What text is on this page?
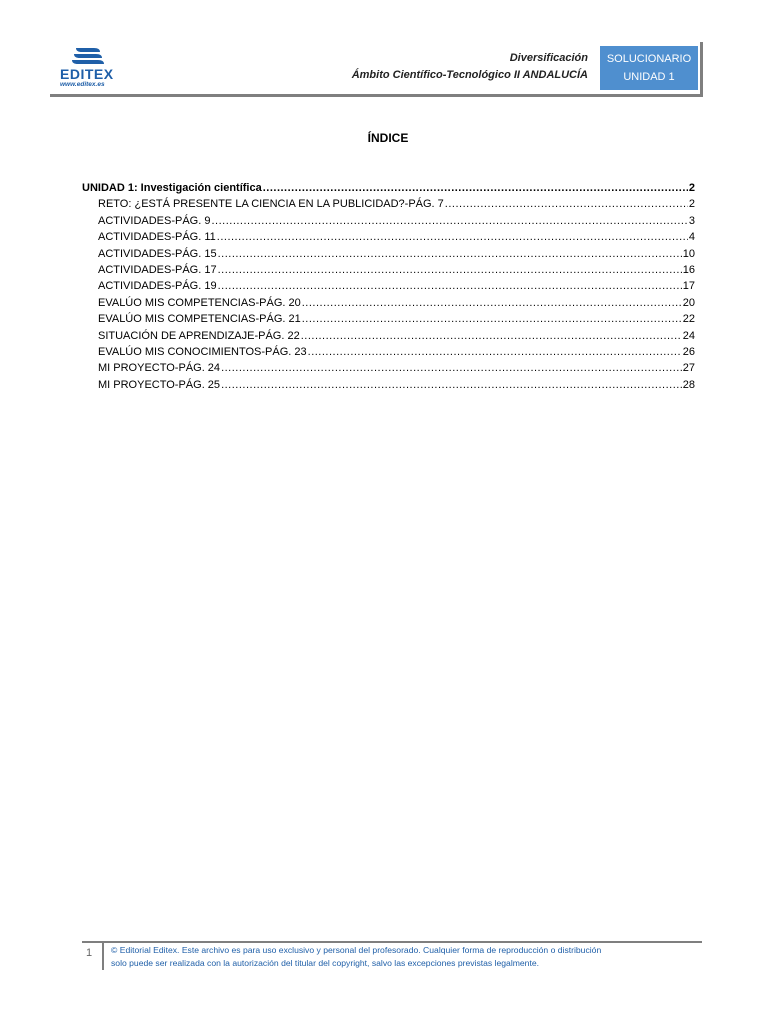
EDITEX
www.editex.es
Diversificación
Ámbito Científico-Tecnológico II ANDALUCÍA
SOLUCIONARIO
UNIDAD 1
ÍNDICE
UNIDAD 1: Investigación científica .....	2
RETO: ¿ESTÁ PRESENTE LA CIENCIA EN LA PUBLICIDAD?-PÁG. 7 .....	2
ACTIVIDADES-PÁG. 9 .....	3
ACTIVIDADES-PÁG. 11 .....	4
ACTIVIDADES-PÁG. 15 .....	10
ACTIVIDADES-PÁG. 17 .....	16
ACTIVIDADES-PÁG. 19 .....	17
EVALÚO MIS COMPETENCIAS-PÁG. 20 .....	20
EVALÚO MIS COMPETENCIAS-PÁG. 21 .....	22
SITUACIÓN DE APRENDIZAJE-PÁG. 22 .....	24
EVALÚO MIS CONOCIMIENTOS-PÁG. 23 .....	26
MI PROYECTO-PÁG. 24 .....	27
MI PROYECTO-PÁG. 25 .....	28
1 © Editorial Editex. Este archivo es para uso exclusivo y personal del profesorado. Cualquier forma de reproducción o distribución
solo puede ser realizada con la autorización del titular del copyright, salvo las excepciones previstas legalmente.
